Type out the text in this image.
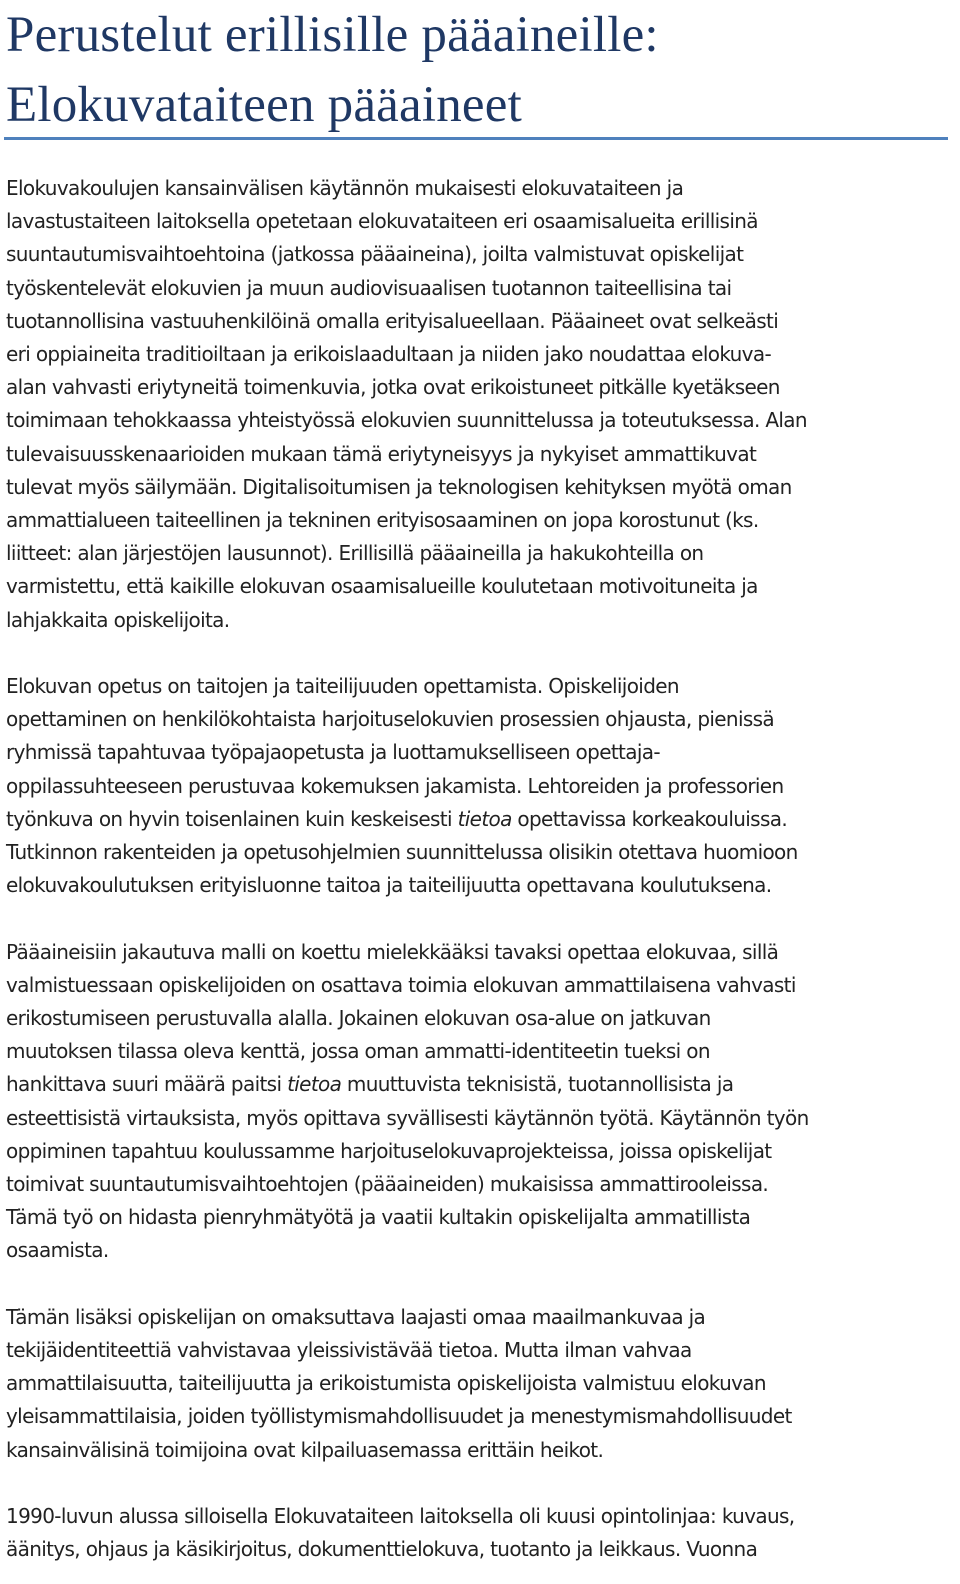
Perustelut erillisille pääaineille:
Elokuvataiteen pääaineet

Elokuvakoulujen kansainvälisen käytännön mukaisesti elokuvataiteen ja
lavastustaiteen laitoksella opetetaan elokuvataiteen eri osaamisalueita erillisinä
suuntautumisvaihtoehtoina (jatkossa pääaineina), joilta valmistuvat opiskelijat
työskentelevät elokuvien ja muun audiovisuaalisen tuotannon taiteellisina tai
tuotannollisina vastuuhenkilöinä omalla erityisalueellaan. Pääaineet ovat selkeästi
eri oppiaineita traditioiltaan ja erikoislaadultaan ja niiden jako noudattaa elokuva-
alan vahvasti eriytyneitä toimenkuvia, jotka ovat erikoistuneet pitkälle kyetäkseen
toimimaan tehokkaassa yhteistyössä elokuvien suunnittelussa ja toteutuksessa. Alan
tulevaisuusskenaarioiden mukaan tämä eriytyneisyys ja nykyiset ammattikuvat
tulevat myös säilymään. Digitalisoitumisen ja teknologisen kehityksen myötä oman
ammattialueen taiteellinen ja tekninen erityisosaaminen on jopa korostunut (ks.
liitteet: alan järjestöjen lausunnot). Erillisillä pääaineilla ja hakukohteilla on
varmistettu, että kaikille elokuvan osaamisalueille koulutetaan motivoituneita ja
lahjakkaita opiskelijoita.

Elokuvan opetus on taitojen ja taiteilijuuden opettamista. Opiskelijoiden
opettaminen on henkilökohtaista harjoituselokuvien prosessien ohjausta, pienissä
ryhmissä tapahtuvaa työpajaopetusta ja luottamukselliseen opettaja-
oppilassuhteeseen perustuvaa kokemuksen jakamista. Lehtoreiden ja professorien
työnkuva on hyvin toisenlainen kuin keskeisesti tietoa opettavissa korkeakouluissa.
Tutkinnon rakenteiden ja opetusohjelmien suunnittelussa olisikin otettava huomioon
elokuvakoulutuksen erityisluonne taitoa ja taiteilijuutta opettavana koulutuksena.

Pääaineisiin jakautuva malli on koettu mielekkääksi tavaksi opettaa elokuvaa, sillä
valmistuessaan opiskelijoiden on osattava toimia elokuvan ammattilaisena vahvasti
erikostumiseen perustuvalla alalla. Jokainen elokuvan osa-alue on jatkuvan
muutoksen tilassa oleva kenttä, jossa oman ammatti-identiteetin tueksi on
hankittava suuri määrä paitsi tietoa muuttuvista teknisistä, tuotannollisista ja
esteettisistä virtauksista, myös opittava syvällisesti käytännön työtä. Käytännön työn
oppiminen tapahtuu koulussamme harjoituselokuvaprojekteissa, joissa opiskelijat
toimivat suuntautumisvaihtoehtojen (pääaineiden) mukaisissa ammattirooleissa.
Tämä työ on hidasta pienryhmätyötä ja vaatii kultakin opiskelijalta ammatillista
osaamista.

Tämän lisäksi opiskelijan on omaksuttava laajasti omaa maailmankuvaa ja
tekijäidentiteettiä vahvistavaa yleissivistävää tietoa. Mutta ilman vahvaa
ammattilaisuutta, taiteilijuutta ja erikoistumista opiskelijoista valmistuu elokuvan
yleisammattilaisia, joiden työllistymismahdollisuudet ja menestymismahdollisuudet
kansainvälisinä toimijoina ovat kilpailuasemassa erittäin heikot.

1990-luvun alussa silloisella Elokuvataiteen laitoksella oli kuusi opintolinjaa: kuvaus,
äänitys, ohjaus ja käsikirjoitus, dokumenttielokuva, tuotanto ja leikkaus. Vuonna
